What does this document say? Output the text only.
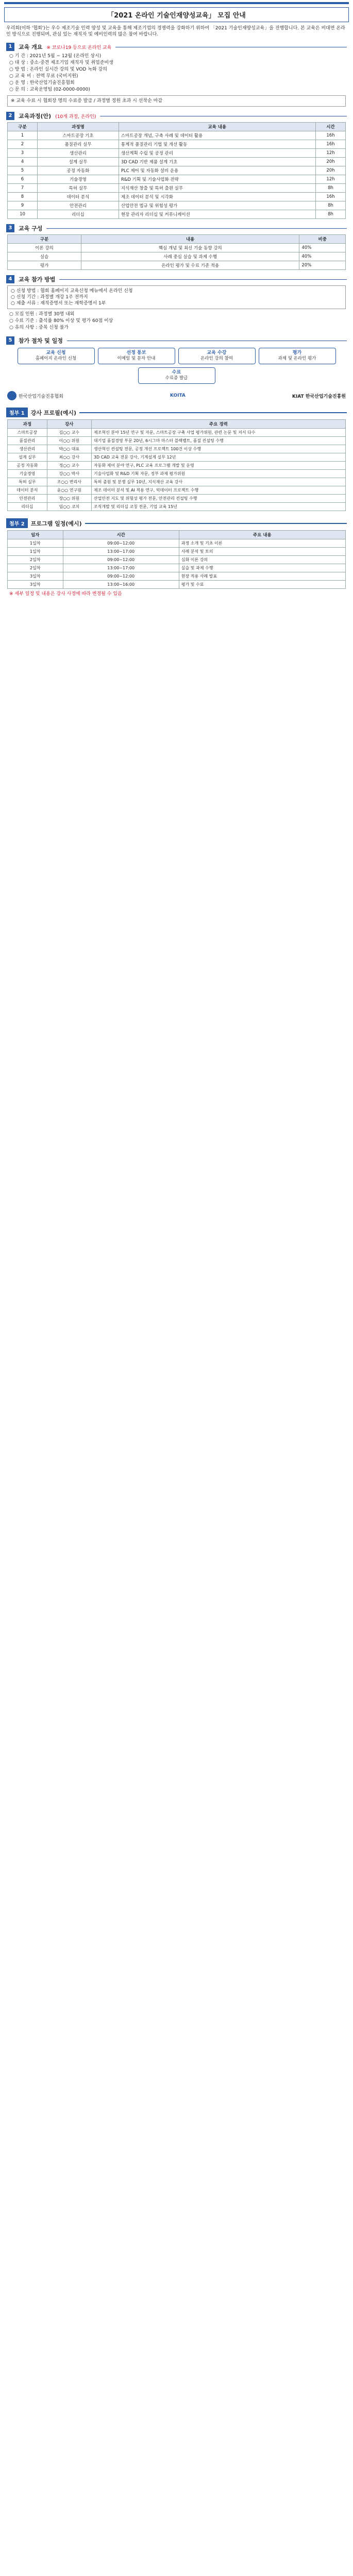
「2021 온라인 기술인재양성교육」 모집 안내
우리회(이하 '협회')는 우수 제조기술 인력 양성 및 교육을 통해 제조기업의 경쟁력을 강화하기 위하여 「2021 기술인재양성교육」을 진행합니다. 본 교육은 비대면 온라인 방식으로 진행되며, 관심 있는 재직자 및 예비인력의 많은 참여 바랍니다.
1	교육 개요 ※ 코로나19 등으로 온라인 교육
○ 기 간 : 2021년 5월 ~ 12월 (온라인 상시)
○ 대 상 : 중소·중견 제조기업 재직자 및 취업준비생
○ 방 법 : 온라인 실시간 강의 및 VOD 녹화 강의
○ 교 육 비 : 전액 무료 (국비지원)
○ 운 영 : 한국산업기술진흥협회
○ 문 의 : 교육운영팀 (02-0000-0000)
※ 교육 수료 시 협회장 명의 수료증 발급 / 과정별 정원 초과 시 선착순 마감
2	교육과정(안) (10개 과정, 온라인)
구분	과정명	교육 내용	시간
1	스마트공장 기초	스마트공장 개념, 구축 사례 및 데이터 활용	16h
2	품질관리 실무	통계적 품질관리 기법 및 개선 활동	16h
3	생산관리	생산계획 수립 및 공정 관리	12h
4	설계 실무	3D CAD 기반 제품 설계 기초	20h
5	공정 자동화	PLC 제어 및 자동화 설비 운용	20h
6	기술경영	R&D 기획 및 기술사업화 전략	12h
7	특허 실무	지식재산 창출 및 특허 출원 실무	8h
8	데이터 분석	제조 데이터 분석 및 시각화	16h
9	안전관리	산업안전 법규 및 위험성 평가	8h
10	리더십	현장 관리자 리더십 및 커뮤니케이션	8h
3	교육 구성
구분	내용	비중
이론 강의	핵심 개념 및 최신 기술 동향 강의	40%
실습	사례 중심 실습 및 과제 수행	40%
평가	온라인 평가 및 수료 기준 적용	20%
4	교육 참가 방법
○ 신청 방법 : 협회 홈페이지 교육신청 메뉴에서 온라인 신청
○ 신청 기간 : 과정별 개강 1주 전까지
○ 제출 서류 : 재직증명서 또는 재학증명서 1부
○ 모집 인원 : 과정별 30명 내외
○ 수료 기준 : 출석률 80% 이상 및 평가 60점 이상
○ 유의 사항 : 중복 신청 불가
5	참가 절차 및 일정
교육 신청
홈페이지 온라인 신청
선정 통보
이메일 및 문자 안내
교육 수강
온라인 강의 참여
평가
과제 및 온라인 평가
수료
수료증 발급
한국산업기술진흥협회	KOITA	KIAT 한국산업기술진흥원
첨부 1	강사 프로필(예시)
과정	강사	주요 경력
스마트공장	김○○ 교수	제조혁신 분야 15년 연구 및 자문, 스마트공장 구축 사업 평가위원, 관련 논문 및 저서 다수
품질관리	이○○ 위원	대기업 품질경영 부문 20년, 6시그마 마스터 블랙벨트, 품질 컨설팅 수행
생산관리	박○○ 대표	생산혁신 컨설팅 전문, 공정 개선 프로젝트 100건 이상 수행
설계 실무	최○○ 강사	3D CAD 교육 전문 강사, 기계설계 실무 12년
공정 자동화	정○○ 교수	자동화 제어 분야 연구, PLC 교육 프로그램 개발 및 운영
기술경영	강○○ 박사	기술사업화 및 R&D 기획 자문, 정부 과제 평가위원
특허 실무	조○○ 변리사	특허 출원 및 분쟁 실무 10년, 지식재산 교육 강사
데이터 분석	윤○○ 연구원	제조 데이터 분석 및 AI 적용 연구, 빅데이터 프로젝트 수행
안전관리	장○○ 위원	산업안전 지도 및 위험성 평가 전문, 안전관리 컨설팅 수행
리더십	임○○ 코치	조직개발 및 리더십 코칭 전문, 기업 교육 15년
첨부 2	프로그램 일정(예시)
일자	시간	주요 내용
1일차	09:00~12:00	과정 소개 및 기초 이론
1일차	13:00~17:00	사례 분석 및 토의
2일차	09:00~12:00	심화 이론 강의
2일차	13:00~17:00	실습 및 과제 수행
3일차	09:00~12:00	현장 적용 사례 발표
3일차	13:00~16:00	평가 및 수료
※ 세부 일정 및 내용은 강사 사정에 따라 변경될 수 있음
